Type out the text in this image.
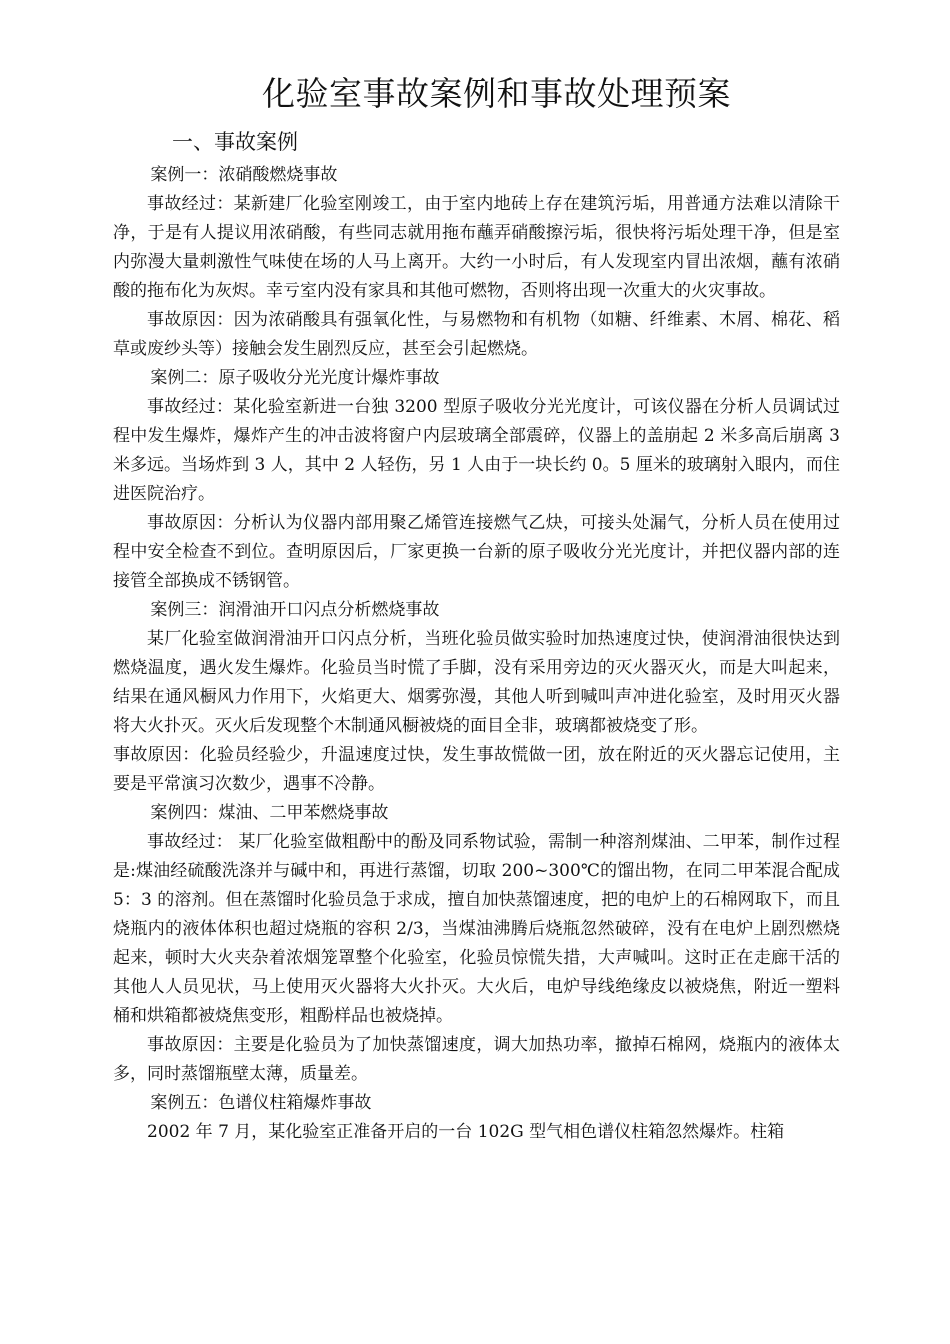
化验室事故案例和事故处理预案
一、事故案例

案例一：浓硝酸燃烧事故

事故经过：某新建厂化验室刚竣工，由于室内地砖上存在建筑污垢，用普通方法难以清除干净，于是有人提议用浓硝酸，有些同志就用拖布蘸弄硝酸擦污垢，很快将污垢处理干净，但是室内弥漫大量刺激性气味使在场的人马上离开。大约一小时后，有人发现室内冒出浓烟，蘸有浓硝酸的拖布化为灰烬。幸亏室内没有家具和其他可燃物，否则将出现一次重大的火灾事故。

事故原因：因为浓硝酸具有强氧化性，与易燃物和有机物（如糖、纤维素、木屑、棉花、稻草或废纱头等）接触会发生剧烈反应，甚至会引起燃烧。

案例二：原子吸收分光光度计爆炸事故

事故经过：某化验室新进一台独 3200 型原子吸收分光光度计，可该仪器在分析人员调试过程中发生爆炸，爆炸产生的冲击波将窗户内层玻璃全部震碎，仪器上的盖崩起 2 米多高后崩离 3 米多远。当场炸到 3 人，其中 2 人轻伤，另 1 人由于一块长约 0。5 厘米的玻璃射入眼内，而住进医院治疗。

事故原因：分析认为仪器内部用聚乙烯管连接燃气乙炔，可接头处漏气，分析人员在使用过程中安全检查不到位。查明原因后，厂家更换一台新的原子吸收分光光度计，并把仪器内部的连接管全部换成不锈钢管。

案例三：润滑油开口闪点分析燃烧事故

某厂化验室做润滑油开口闪点分析，当班化验员做实验时加热速度过快，使润滑油很快达到燃烧温度，遇火发生爆炸。化验员当时慌了手脚，没有采用旁边的灭火器灭火，而是大叫起来，结果在通风橱风力作用下，火焰更大、烟雾弥漫，其他人听到喊叫声冲进化验室，及时用灭火器将大火扑灭。灭火后发现整个木制通风橱被烧的面目全非，玻璃都被烧变了形。

事故原因：化验员经验少，升温速度过快，发生事故慌做一团，放在附近的灭火器忘记使用，主要是平常演习次数少，遇事不冷静。

案例四：煤油、二甲苯燃烧事故

事故经过： 某厂化验室做粗酚中的酚及同系物试验，需制一种溶剂煤油、二甲苯，制作过程是:煤油经硫酸洗涤并与碱中和，再进行蒸馏，切取 200~300℃的馏出物，在同二甲苯混合配成 5：3 的溶剂。但在蒸馏时化验员急于求成，擅自加快蒸馏速度，把的电炉上的石棉网取下，而且烧瓶内的液体体积也超过烧瓶的容积 2/3，当煤油沸腾后烧瓶忽然破碎，没有在电炉上剧烈燃烧起来，顿时大火夹杂着浓烟笼罩整个化验室，化验员惊慌失措，大声喊叫。这时正在走廊干活的其他人人员见状，马上使用灭火器将大火扑灭。大火后，电炉导线绝缘皮以被烧焦，附近一塑料桶和烘箱都被烧焦变形，粗酚样品也被烧掉。

事故原因：主要是化验员为了加快蒸馏速度，调大加热功率，撤掉石棉网，烧瓶内的液体太多，同时蒸馏瓶壁太薄，质量差。

案例五：色谱仪柱箱爆炸事故

2002 年 7 月，某化验室正准备开启的一台 102G 型气相色谱仪柱箱忽然爆炸。柱箱
